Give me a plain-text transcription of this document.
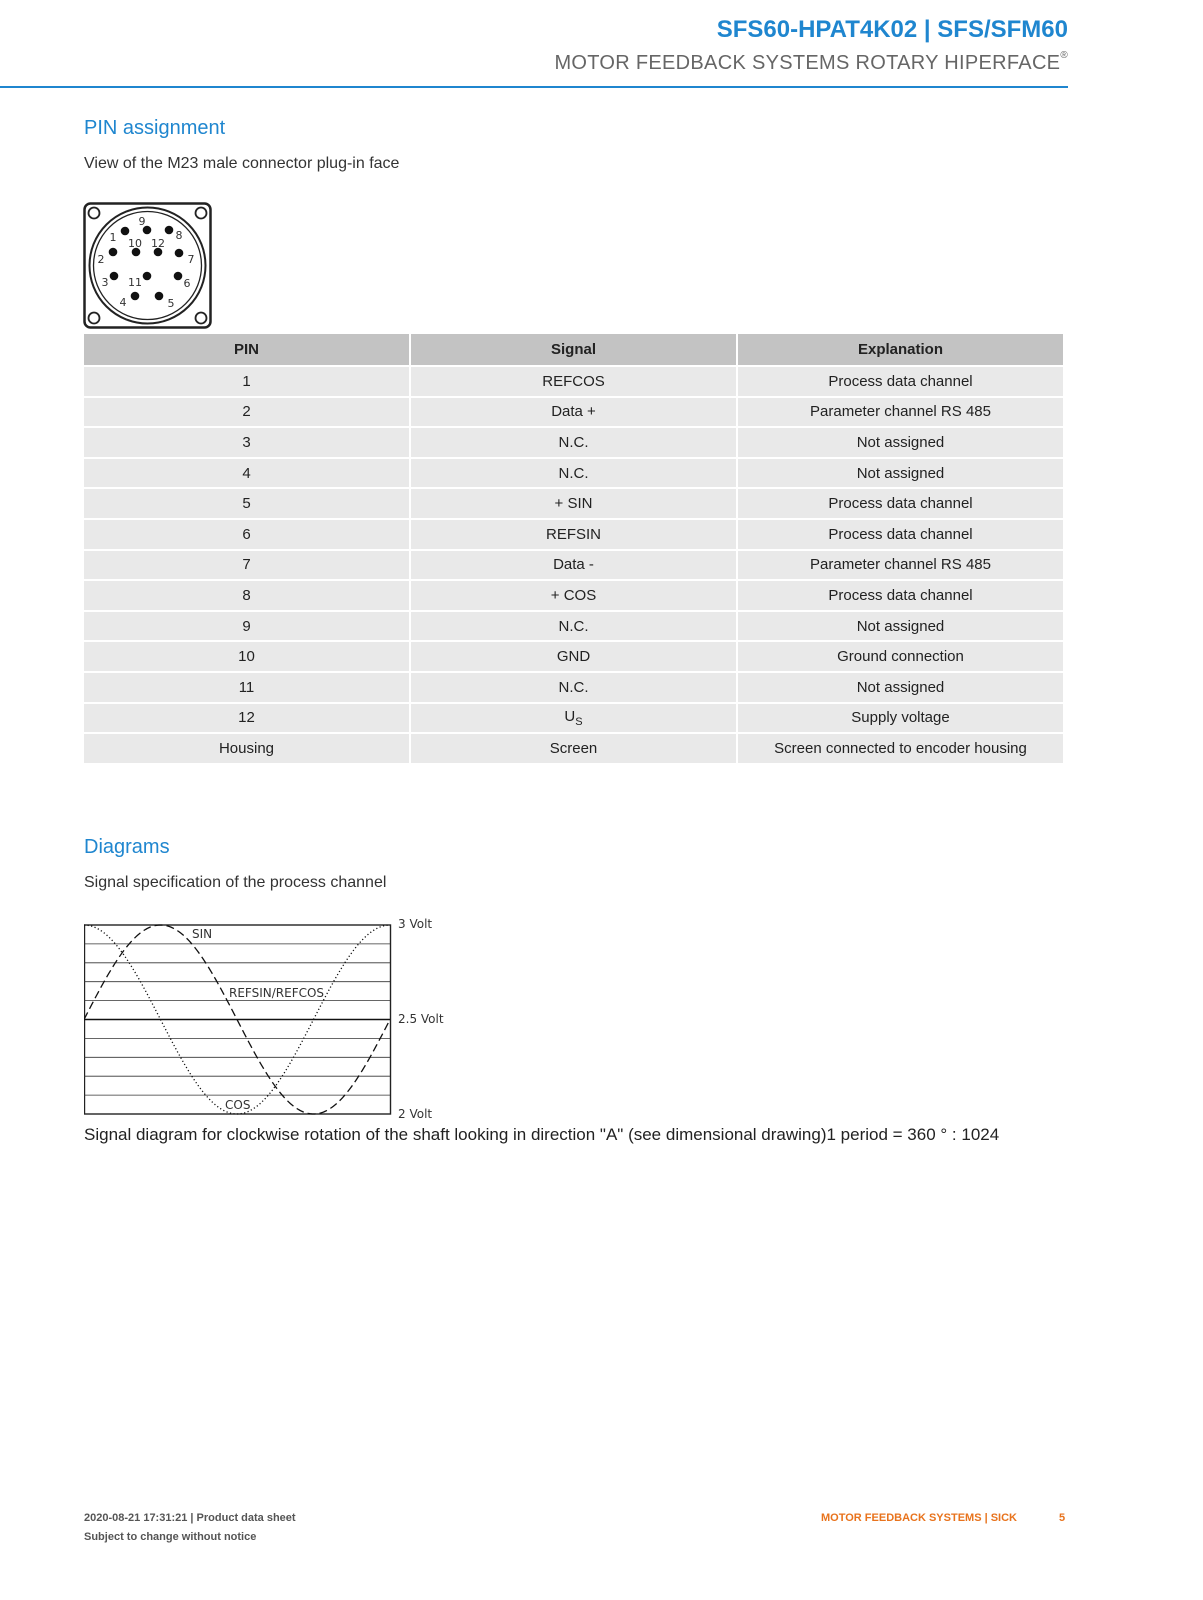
SFS60-HPAT4K02 | SFS/SFM60
MOTOR FEEDBACK SYSTEMS ROTARY HIPERFACE®
PIN assignment
View of the M23 male connector plug-in face
1
2
3
4	5
6
7
8
9
10
11
12
PIN	Signal	Explanation
1	REFCOS	Process data channel
2	Data +	Parameter channel RS 485
3	N.C.	Not assigned
4	N.C.	Not assigned
5	+ SIN	Process data channel
6	REFSIN	Process data channel
7	Data -	Parameter channel RS 485
8	+ COS	Process data channel
9	N.C.	Not assigned
10	GND	Ground connection
11	N.C.	Not assigned
12	$U_S$	Supply voltage
Housing	Screen	Screen connected to encoder housing
Diagrams
Signal specification of the process channel
SIN
COS
REFSIN/REFCOS
3 Volt
2.5 Volt
2 Volt
Signal diagram for clockwise rotation of the shaft looking in direction "A" (see dimensional drawing)1 period = 360 ° : 1024
2020-08-21 17:31:21 | Product data sheet
Subject to change without notice
MOTOR FEEDBACK SYSTEMS | SICK	5
